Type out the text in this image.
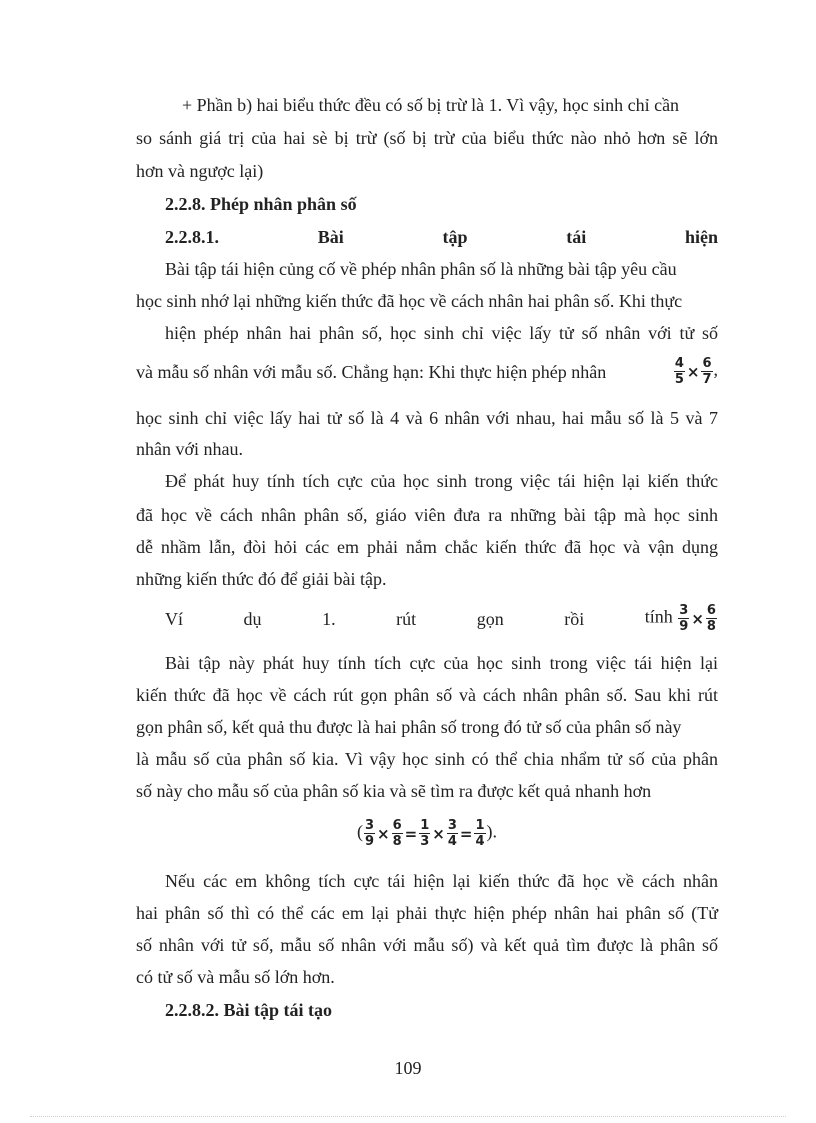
+ Phần b) hai biểu thức đều có số bị trừ là 1. Vì vậy, học sinh chỉ cần
so sánh giá trị của hai sè bị trừ (số bị trừ của biểu thức nào nhỏ hơn sẽ lớn
hơn và ngược lại)
2.2.8. Phép nhân phân số
2.2.8.1.	Bài	tập	tái	hiện
Bài tập tái hiện củng cố về phép nhân phân số là những bài tập yêu cầu
học sinh nhớ lại những kiến thức đã học về cách nhân hai phân số. Khi thực
hiện phép nhân hai phân số, học sinh chỉ việc lấy tử số nhân với tử số
và mẫu số nhân với mẫu số. Chẳng hạn: Khi thực hiện phép nhân	$\frac{4}{5} \times \frac{6}{7}$ ,
học sinh chỉ việc lấy hai tử số là 4 và 6 nhân với nhau, hai mẫu số là 5 và 7
nhân với nhau.
Để phát huy tính tích cực của học sinh trong việc tái hiện lại kiến thức
đã học về cách nhân phân số, giáo viên đưa ra những bài tập mà học sinh
dễ nhầm lẫn, đòi hỏi các em phải nắm chắc kiến thức đã học và vận dụng
những kiến thức đó để giải bài tập.
Ví	dụ	1.	rút	gọn	rồi	tính $\frac{3}{9} \times \frac{6}{8}$
Bài tập này phát huy tính tích cực của học sinh trong việc tái hiện lại
kiến thức đã học về cách rút gọn phân số và cách nhân phân số. Sau khi rút
gọn phân số, kết quả thu được là hai phân số trong đó tử số của phân số này
là mẫu số của phân số kia. Vì vậy học sinh có thể chia nhẩm tử số của phân
số này cho mẫu số của phân số kia và sẽ tìm ra được kết quả nhanh hơn
( $\frac{3}{9} \times \frac{6}{8} = \frac{1}{3} \times \frac{3}{4} = \frac{1}{4}$ ).
Nếu các em không tích cực tái hiện lại kiến thức đã học về cách nhân
hai phân số thì có thể các em lại phải thực hiện phép nhân hai phân số (Tử
số nhân với tử số, mẫu số nhân với mẫu số) và kết quả tìm được là phân số
có tử số và mẫu số lớn hơn.
2.2.8.2. Bài tập tái tạo
109
